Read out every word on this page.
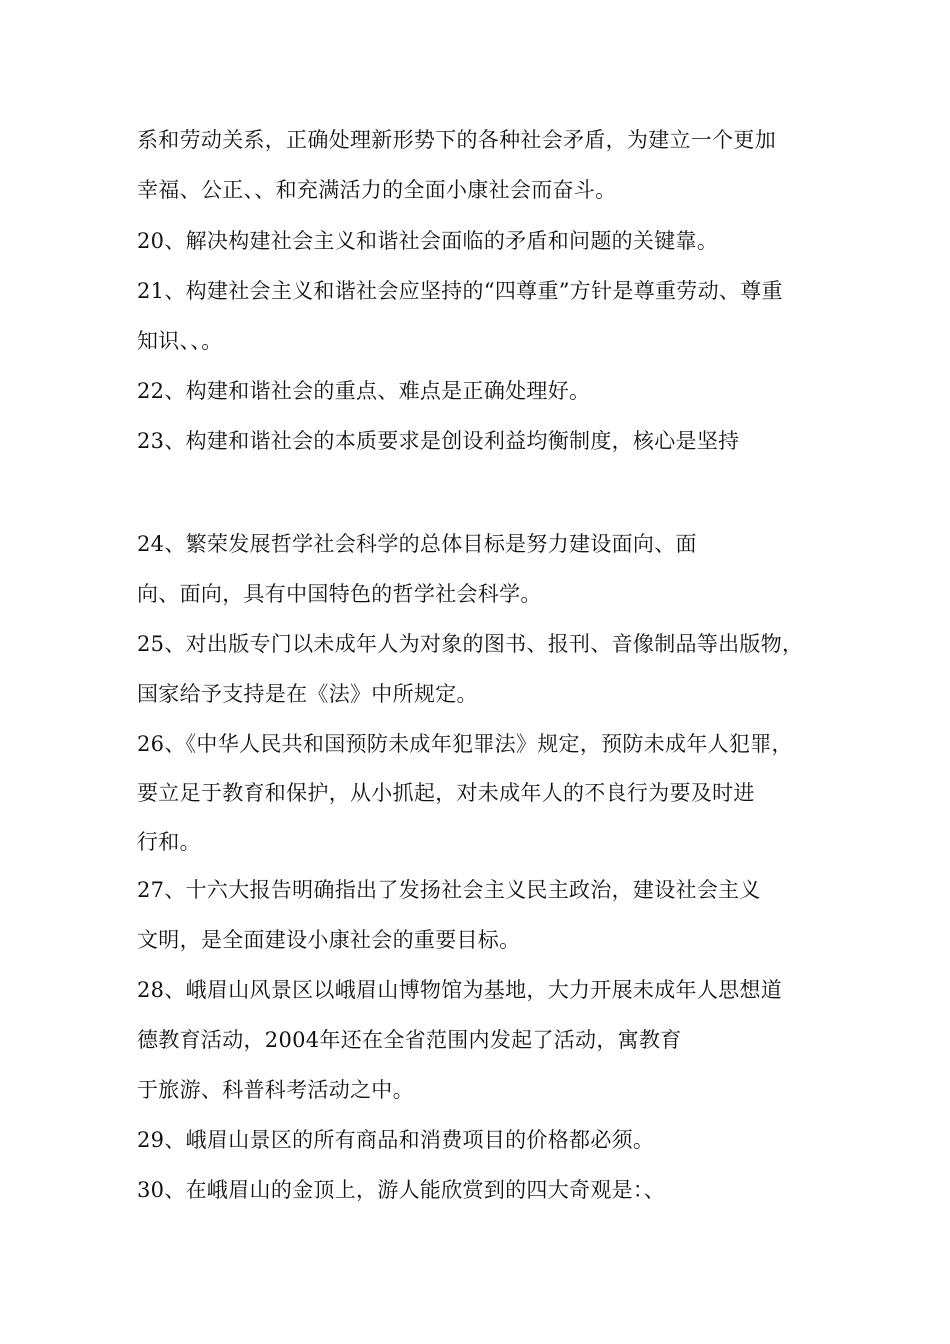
系和劳动关系，正确处理新形势下的各种社会矛盾，为建立一个更加
幸福、公正、、和充满活力的全面小康社会而奋斗。
20、解决构建社会主义和谐社会面临的矛盾和问题的关键靠。
21、构建社会主义和谐社会应坚持的“四尊重”方针是尊重劳动、尊重
知识、、。
22、构建和谐社会的重点、难点是正确处理好。
23、构建和谐社会的本质要求是创设利益均衡制度，核心是坚持
24、繁荣发展哲学社会科学的总体目标是努力建设面向、面
向、面向，具有中国特色的哲学社会科学。
25、对出版专门以未成年人为对象的图书、报刊、音像制品等出版物，
国家给予支持是在《法》中所规定。
26、《中华人民共和国预防未成年犯罪法》规定，预防未成年人犯罪，
要立足于教育和保护，从小抓起，对未成年人的不良行为要及时进
行和。
27、十六大报告明确指出了发扬社会主义民主政治，建设社会主义
文明，是全面建设小康社会的重要目标。
28、峨眉山风景区以峨眉山博物馆为基地，大力开展未成年人思想道
德教育活动，2004年还在全省范围内发起了活动，寓教育
于旅游、科普科考活动之中。
29、峨眉山景区的所有商品和消费项目的价格都必须。
30、在峨眉山的金顶上，游人能欣赏到的四大奇观是：、
